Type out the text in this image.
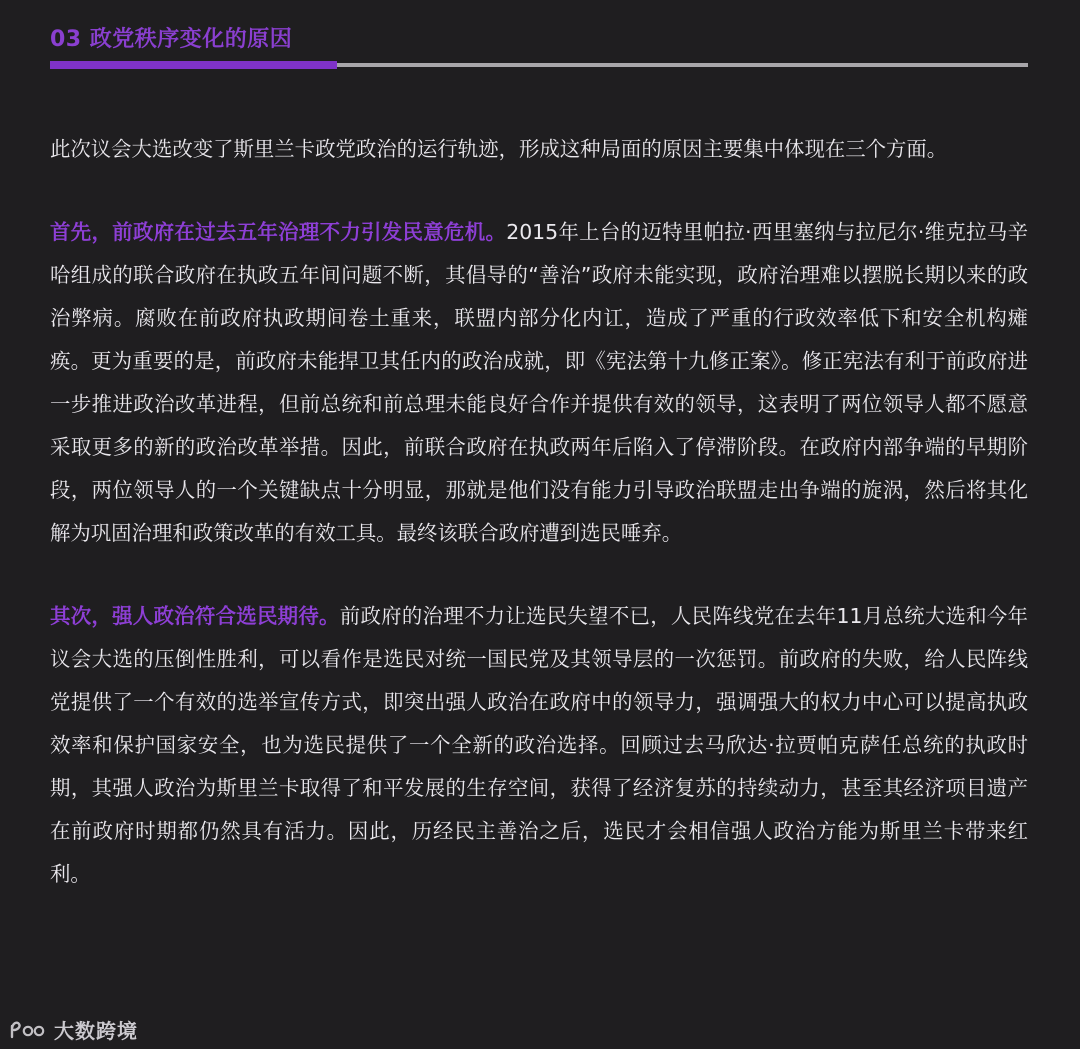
03 政党秩序变化的原因

此次议会大选改变了斯里兰卡政党政治的运行轨迹，形成这种局面的原因主要集中体现在三个方面。

首先，前政府在过去五年治理不力引发民意危机。2015年上台的迈特里帕拉·西里塞纳与拉尼尔·维克拉马辛哈组成的联合政府在执政五年间问题不断，其倡导的“善治”政府未能实现，政府治理难以摆脱长期以来的政治弊病。腐败在前政府执政期间卷土重来，联盟内部分化内讧，造成了严重的行政效率低下和安全机构瘫痪。更为重要的是，前政府未能捍卫其任内的政治成就，即《宪法第十九修正案》。修正宪法有利于前政府进一步推进政治改革进程，但前总统和前总理未能良好合作并提供有效的领导，这表明了两位领导人都不愿意采取更多的新的政治改革举措。因此，前联合政府在执政两年后陷入了停滞阶段。在政府内部争端的早期阶段，两位领导人的一个关键缺点十分明显，那就是他们没有能力引导政治联盟走出争端的旋涡，然后将其化解为巩固治理和政策改革的有效工具。最终该联合政府遭到选民唾弃。

其次，强人政治符合选民期待。前政府的治理不力让选民失望不已，人民阵线党在去年11月总统大选和今年议会大选的压倒性胜利，可以看作是选民对统一国民党及其领导层的一次惩罚。前政府的失败，给人民阵线党提供了一个有效的选举宣传方式，即突出强人政治在政府中的领导力，强调强大的权力中心可以提高执政效率和保护国家安全，也为选民提供了一个全新的政治选择。回顾过去马欣达·拉贾帕克萨任总统的执政时期，其强人政治为斯里兰卡取得了和平发展的生存空间，获得了经济复苏的持续动力，甚至其经济项目遗产在前政府时期都仍然具有活力。因此，历经民主善治之后，选民才会相信强人政治方能为斯里兰卡带来红利。

大数跨境
